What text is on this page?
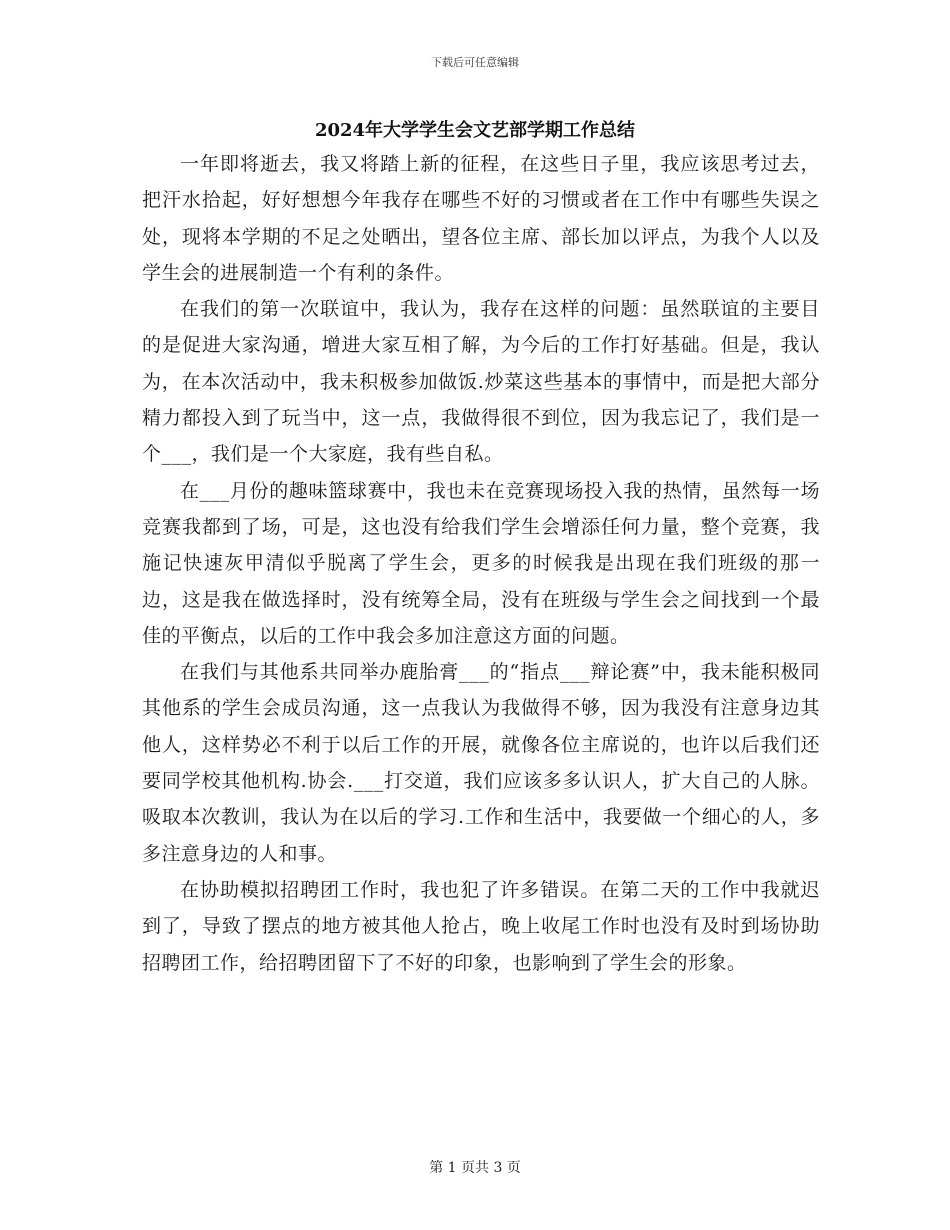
下载后可任意编辑
2024年大学学生会文艺部学期工作总结

一年即将逝去，我又将踏上新的征程，在这些日子里，我应该思考过去，把汗水拾起，好好想想今年我存在哪些不好的习惯或者在工作中有哪些失误之处，现将本学期的不足之处晒出，望各位主席、部长加以评点，为我个人以及学生会的进展制造一个有利的条件。

在我们的第一次联谊中，我认为，我存在这样的问题：虽然联谊的主要目的是促进大家沟通，增进大家互相了解，为今后的工作打好基础。但是，我认为，在本次活动中，我未积极参加做饭.炒菜这些基本的事情中，而是把大部分精力都投入到了玩当中，这一点，我做得很不到位，因为我忘记了，我们是一个___，我们是一个大家庭，我有些自私。

在___月份的趣味篮球赛中，我也未在竞赛现场投入我的热情，虽然每一场竞赛我都到了场，可是，这也没有给我们学生会增添任何力量，整个竞赛，我施记快速灰甲清似乎脱离了学生会，更多的时候我是出现在我们班级的那一边，这是我在做选择时，没有统筹全局，没有在班级与学生会之间找到一个最佳的平衡点，以后的工作中我会多加注意这方面的问题。

在我们与其他系共同举办鹿胎膏___的“指点___辩论赛”中，我未能积极同其他系的学生会成员沟通，这一点我认为我做得不够，因为我没有注意身边其他人，这样势必不利于以后工作的开展，就像各位主席说的，也许以后我们还要同学校其他机构.协会.___打交道，我们应该多多认识人，扩大自己的人脉。吸取本次教训，我认为在以后的学习.工作和生活中，我要做一个细心的人，多多注意身边的人和事。

在协助模拟招聘团工作时，我也犯了许多错误。在第二天的工作中我就迟到了，导致了摆点的地方被其他人抢占，晚上收尾工作时也没有及时到场协助招聘团工作，给招聘团留下了不好的印象，也影响到了学生会的形象。

第 1 页共 3 页
